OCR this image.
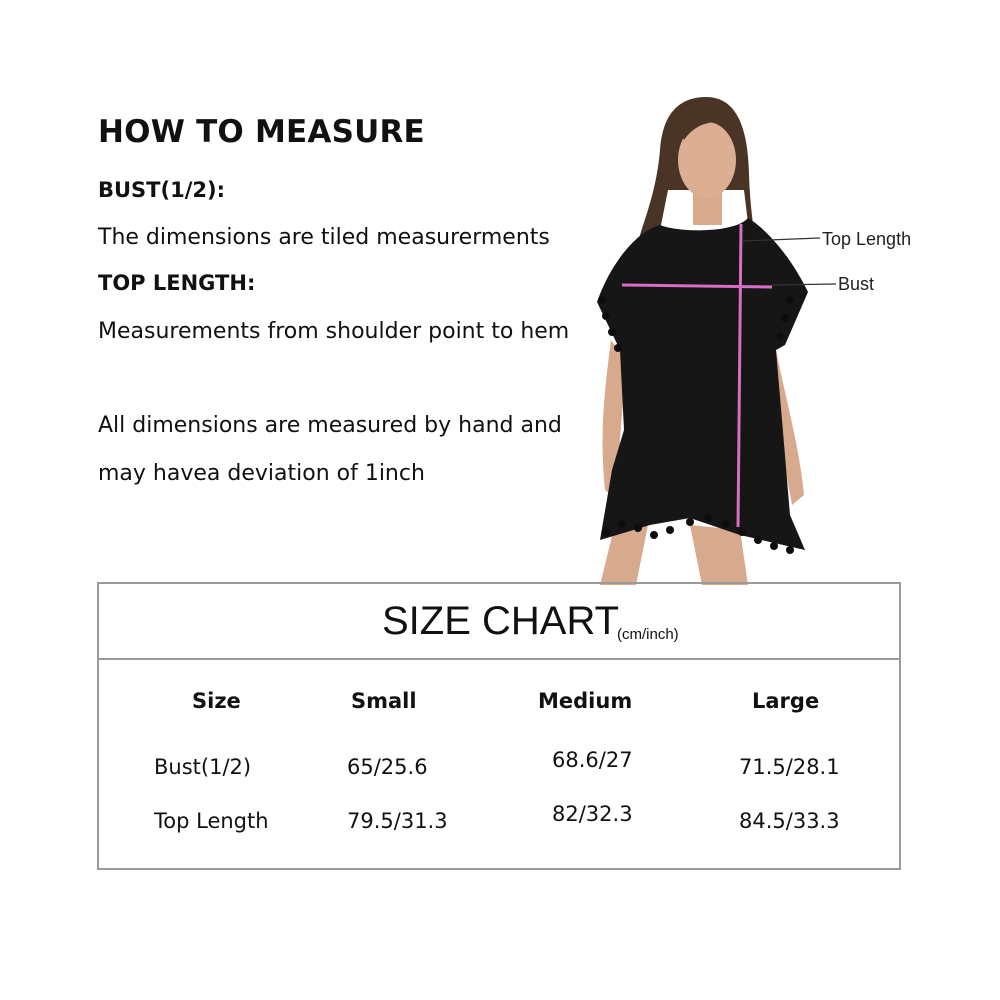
HOW TO MEASURE
BUST(1/2):
The dimensions are tiled measurerments
TOP LENGTH:
Measurements from shoulder point to hem
All dimensions are measured by hand and
may havea deviation of 1inch
Top Length
Bust
SIZE CHART
(cm/inch)
Size	Small	Medium	Large
Bust(1/2)	65/25.6	68.6/27	71.5/28.1
Top Length	79.5/31.3	82/32.3	84.5/33.3
